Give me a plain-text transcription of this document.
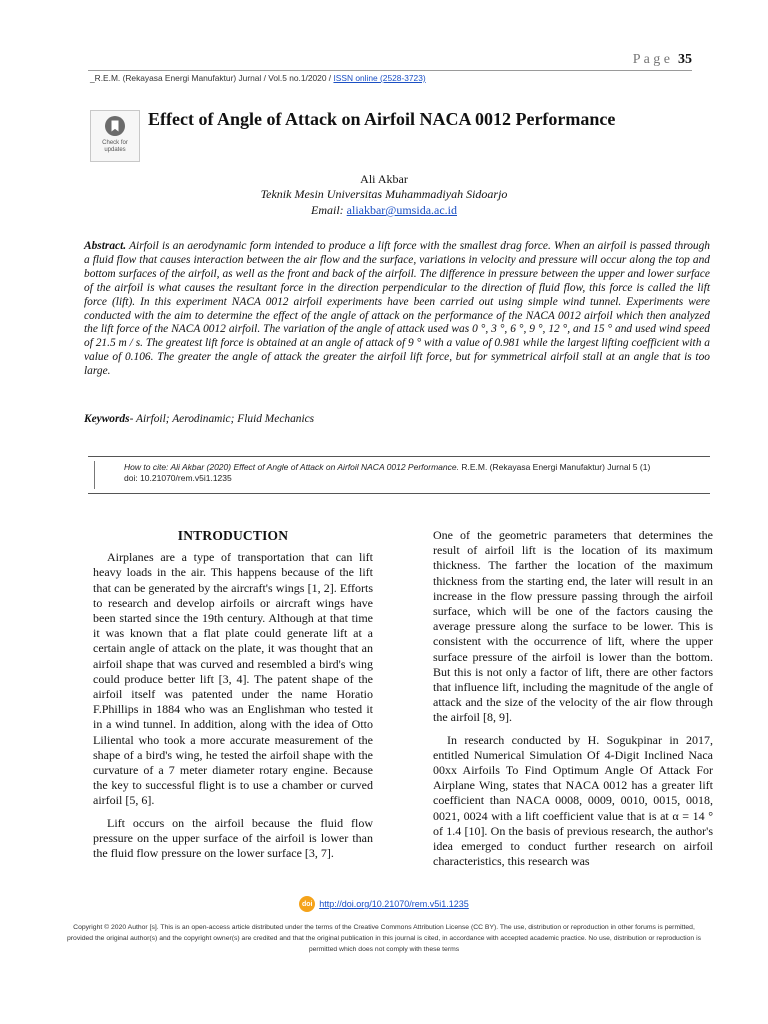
P a g e 35
_R.E.M. (Rekayasa Energi Manufaktur) Jurnal / Vol.5 no.1/2020 / ISSN online (2528-3723)
Check for updates
Effect of Angle of Attack on Airfoil NACA 0012 Performance
Ali Akbar
Teknik Mesin Universitas Muhammadiyah Sidoarjo
Email: aliakbar@umsida.ac.id
Abstract. Airfoil is an aerodynamic form intended to produce a lift force with the smallest drag force. When an airfoil is passed through a fluid flow that causes interaction between the air flow and the surface, variations in velocity and pressure will occur along the top and bottom surfaces of the airfoil, as well as the front and back of the airfoil. The difference in pressure between the upper and lower surface of the airfoil is what causes the resultant force in the direction perpendicular to the direction of fluid flow, this force is called the lift force (lift). In this experiment NACA 0012 airfoil experiments have been carried out using simple wind tunnel. Experiments were conducted with the aim to determine the effect of the angle of attack on the performance of the NACA 0012 airfoil which then analyzed the lift force of the NACA 0012 airfoil. The variation of the angle of attack used was 0 °, 3 °, 6 °, 9 °, 12 °, and 15 ° and used wind speed of 21.5 m / s. The greatest lift force is obtained at an angle of attack of 9 ° with a value of 0.981 while the largest lifting coefficient with a value of 0.106. The greater the angle of attack the greater the airfoil lift force, but for symmetrical airfoil stall at an angle that is too large.
Keywords- Airfoil; Aerodinamic; Fluid Mechanics
How to cite: Ali Akbar (2020) Effect of Angle of Attack on Airfoil NACA 0012 Performance. R.E.M. (Rekayasa Energi Manufaktur) Jurnal 5 (1)
doi: 10.21070/rem.v5i1.1235
INTRODUCTION

Airplanes are a type of transportation that can lift heavy loads in the air. This happens because of the lift that can be generated by the aircraft's wings [1, 2]. Efforts to research and develop airfoils or aircraft wings have been started since the 19th century. Although at that time it was known that a flat plate could generate lift at a certain angle of attack on the plate, it was thought that an airfoil shape that was curved and resembled a bird's wing could produce better lift [3, 4]. The patent shape of the airfoil itself was patented under the name Horatio F.Phillips in 1884 who was an Englishman who tested it in a wind tunnel. In addition, along with the idea of Otto Liliental who took a more accurate measurement of the shape of a bird's wing, he tested the airfoil shape with the curvature of a 7 meter diameter rotary engine. Because the key to successful flight is to use a chamber or curved airfoil [5, 6].

Lift occurs on the airfoil because the fluid flow pressure on the upper surface of the airfoil is lower than the fluid flow pressure on the lower surface [3, 7].

One of the geometric parameters that determines the result of airfoil lift is the location of its maximum thickness. The farther the location of the maximum thickness from the starting end, the later will result in an increase in the flow pressure passing through the airfoil surface, which will be one of the factors causing the average pressure along the surface to be lower. This is consistent with the occurrence of lift, where the upper surface pressure of the airfoil is lower than the bottom. But this is not only a factor of lift, there are other factors that influence lift, including the magnitude of the angle of attack and the size of the velocity of the air flow through the airfoil [8, 9].

In research conducted by H. Sogukpinar in 2017, entitled Numerical Simulation Of 4-Digit Inclined Naca 00xx Airfoils To Find Optimum Angle Of Attack For Airplane Wing, states that NACA 0012 has a greater lift coefficient than NACA 0008, 0009, 0010, 0015, 0018, 0021, 0024 with a lift coefficient value that is at α = 14 ° of 1.4 [10]. On the basis of previous research, the author's idea emerged to conduct further research on airfoil characteristics, this research was

doi http://doi.org/10.21070/rem.v5i1.1235
Copyright © 2020 Author [s]. This is an open-access article distributed under the terms of the Creative Commons Attribution License (CC BY). The use, distribution or reproduction in other forums is permitted, provided the original author(s) and the copyright owner(s) are credited and that the original publication in this journal is cited, in accordance with accepted academic practice. No use, distribution or reproduction is permitted which does not comply with these terms
